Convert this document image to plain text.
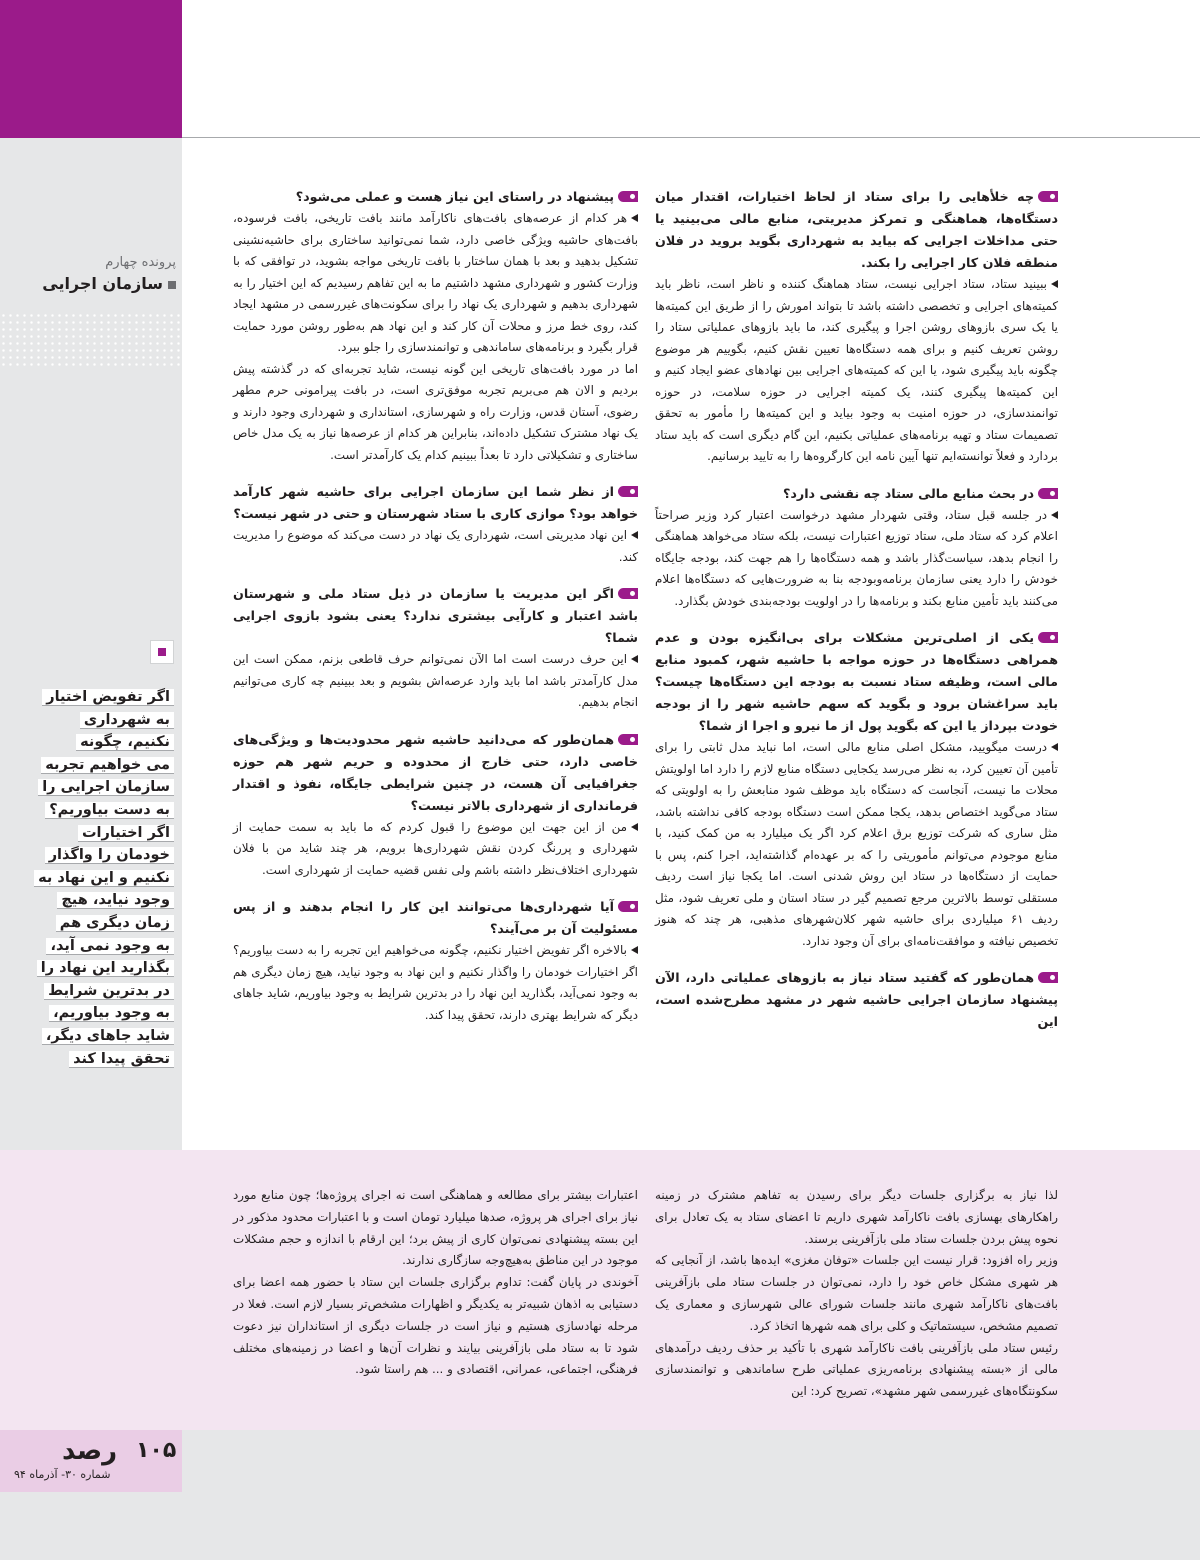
پرونده چهارم
سازمان اجرایی
اگر تفویض اختیار
به شهرداری
نکنیم، چگونه
می خواهیم تجربه
سازمان اجرایی را
به دست بیاوریم؟
اگر اختیارات
خودمان را واگذار
نکنیم و این نهاد به
وجود نیاید، هیچ
زمان دیگری هم
به وجود نمی آید،
بگذارید این نهاد را
در بدترین شرایط
به وجود بیاوریم،
شاید جاهای دیگر،
تحقق پیدا کند

چه خلأهایی را برای ستاد از لحاظ اختیارات، اقتدار میان دستگاه‌ها، هماهنگی و تمرکز مدیریتی، منابع مالی می‌بینید یا حتی مداخلات اجرایی که بیاید به شهرداری بگوید بروید در فلان منطقه فلان کار اجرایی را بکند.

ببینید ستاد، ستاد اجرایی نیست، ستاد هماهنگ کننده و ناظر است، ناظر باید کمیته‌های اجرایی و تخصصی داشته باشد تا بتواند امورش را از طریق این کمیته‌ها یا یک سری بازوهای روشن اجرا و پیگیری کند، ما باید بازوهای عملیاتی ستاد را روشن تعریف کنیم و برای همه دستگاه‌ها تعیین نقش کنیم، بگوییم هر موضوع چگونه باید پیگیری شود، یا این که کمیته‌های اجرایی بین نهادهای عضو ایجاد کنیم و این کمیته‌ها پیگیری کنند، یک کمیته اجرایی در حوزه سلامت، در حوزه توانمندسازی، در حوزه امنیت به وجود بیاید و این کمیته‌ها را مأمور به تحقق تصمیمات ستاد و تهیه برنامه‌های عملیاتی بکنیم، این گام دیگری است که باید ستاد بردارد و فعلاً توانسته‌ایم تنها آیین نامه این کارگروه‌ها را به تایید برسانیم.

در بحث منابع مالی ستاد چه نقشی دارد؟

در جلسه قبل ستاد، وقتی شهردار مشهد درخواست اعتبار کرد وزیر صراحتاً اعلام کرد که ستاد ملی، ستاد توزیع اعتبارات نیست، بلکه ستاد می‌خواهد هماهنگی را انجام بدهد، سیاست‌گذار باشد و همه دستگاه‌ها را هم جهت کند، بودجه جایگاه خودش را دارد یعنی سازمان برنامه‌وبودجه بنا به ضرورت‌هایی که دستگاه‌ها اعلام می‌کنند باید تأمین منابع بکند و برنامه‌ها را در اولویت بودجه‌بندی خودش بگذارد.

یکی از اصلی‌ترین مشکلات برای بی‌انگیزه بودن و عدم همراهی دستگاه‌ها در حوزه مواجه با حاشیه شهر، کمبود منابع مالی است، وظیفه ستاد نسبت به بودجه این دستگاه‌ها چیست؟ باید سراغشان برود و بگوید که سهم حاشیه شهر را از بودجه خودت بپرداز یا این که بگوید پول از ما نیرو و اجرا از شما؟

درست میگویید، مشکل اصلی منابع مالی است، اما نباید مدل ثابتی را برای تأمین آن تعیین کرد، به نظر می‌رسد یکجایی دستگاه منابع لازم را دارد اما اولویتش محلات ما نیست، آنجاست که دستگاه باید موظف شود منابعش را به اولویتی که ستاد می‌گوید اختصاص بدهد، یکجا ممکن است دستگاه بودجه کافی نداشته باشد، مثل ساری که شرکت توزیع برق اعلام کرد اگر یک میلیارد به من کمک کنید، با منابع موجودم می‌توانم مأموریتی را که بر عهده‌ام گذاشته‌اید، اجرا کنم، پس با حمایت از دستگاه‌ها در ستاد این روش شدنی است. اما یکجا نیاز است ردیف مستقلی توسط بالاترین مرجع تصمیم گیر در ستاد استان و ملی تعریف شود، مثل ردیف ۶۱ میلیاردی برای حاشیه شهر کلان‌شهرهای مذهبی، هر چند که هنوز تخصیص نیافته و موافقت‌نامه‌ای برای آن وجود ندارد.

همان‌طور که گفتید ستاد نیاز به بازوهای عملیاتی دارد، الآن پیشنهاد سازمان اجرایی حاشیه شهر در مشهد مطرح‌شده است، این

پیشنهاد در راستای این نیاز هست و عملی می‌شود؟

هر کدام از عرصه‌های بافت‌های ناکارآمد مانند بافت تاریخی، بافت فرسوده، بافت‌های حاشیه ویژگی خاصی دارد، شما نمی‌توانید ساختاری برای حاشیه‌نشینی تشکیل بدهید و بعد با همان ساختار با بافت تاریخی مواجه بشوید، در توافقی که با وزارت کشور و شهرداری مشهد داشتیم ما به این تفاهم رسیدیم که این اختیار را به شهرداری بدهیم و شهرداری یک نهاد را برای سکونت‌های غیررسمی در مشهد ایجاد کند، روی خط مرز و محلات آن کار کند و این نهاد هم به‌طور روشن مورد حمایت قرار بگیرد و برنامه‌های ساماندهی و توانمندسازی را جلو ببرد.

اما در مورد بافت‌های تاریخی این گونه نیست، شاید تجربه‌ای که در گذشته پیش بردیم و الان هم می‌بریم تجربه موفق‌تری است، در بافت پیرامونی حرم مطهر رضوی، آستان قدس، وزارت راه و شهرسازی، استانداری و شهرداری وجود دارند و یک نهاد مشترک تشکیل داده‌اند، بنابراین هر کدام از عرصه‌ها نیاز به یک مدل خاص ساختاری و تشکیلاتی دارد تا بعداً ببینیم کدام یک کارآمدتر است.

از نظر شما این سازمان اجرایی برای حاشیه شهر کارآمد خواهد بود؟ موازی کاری با ستاد شهرستان و حتی در شهر نیست؟

این نهاد مدیریتی است، شهرداری یک نهاد در دست می‌کند که موضوع را مدیریت کند.

اگر این مدیریت یا سازمان در ذیل ستاد ملی و شهرستان باشد اعتبار و کارآیی بیشتری ندارد؟ یعنی بشود بازوی اجرایی شما؟

این حرف درست است اما الآن نمی‌توانم حرف قاطعی بزنم، ممکن است این مدل کارآمدتر باشد اما باید وارد عرصه‌اش بشویم و بعد ببینیم چه کاری می‌توانیم انجام بدهیم.

همان‌طور که می‌دانید حاشیه شهر محدودیت‌ها و ویژگی‌های خاصی دارد، حتی خارج از محدوده و حریم شهر هم حوزه جغرافیایی آن هست، در چنین شرایطی جایگاه، نفوذ و اقتدار فرمانداری از شهرداری بالاتر نیست؟

من از این جهت این موضوع را قبول کردم که ما باید به سمت حمایت از شهرداری و پررنگ کردن نقش شهرداری‌ها برویم، هر چند شاید من با فلان شهرداری اختلاف‌نظر داشته باشم ولی نفس قضیه حمایت از شهرداری است.

آیا شهرداری‌ها می‌توانند این کار را انجام بدهند و از پس مسئولیت آن بر می‌آیند؟

بالاخره اگر تفویض اختیار نکنیم، چگونه می‌خواهیم این تجربه را به دست بیاوریم؟ اگر اختیارات خودمان را واگذار نکنیم و این نهاد به وجود نیاید، هیچ زمان دیگری هم به وجود نمی‌آید، بگذارید این نهاد را در بدترین شرایط به وجود بیاوریم، شاید جاهای دیگر که شرایط بهتری دارند، تحقق پیدا کند.

لذا نیاز به برگزاری جلسات دیگر برای رسیدن به تفاهم مشترک در زمینه راهکارهای بهسازی بافت ناکارآمد شهری داریم تا اعضای ستاد به یک تعادل برای نحوه پیش بردن جلسات ستاد ملی بازآفرینی برسند.

وزیر راه افزود: قرار نیست این جلسات «توفان مغزی» ایده‌ها باشد، از آنجایی که هر شهری مشکل خاص خود را دارد، نمی‌توان در جلسات ستاد ملی بازآفرینی بافت‌های ناکارآمد شهری مانند جلسات شورای عالی شهرسازی و معماری یک تصمیم مشخص، سیستماتیک و کلی برای همه شهرها اتخاذ کرد.

رئیس ستاد ملی بازآفرینی بافت ناکارآمد شهری با تأکید بر حذف ردیف درآمدهای مالی از «بسته پیشنهادی برنامه‌ریزی عملیاتی طرح ساماندهی و توانمندسازی سکونتگاه‌های غیررسمی شهر مشهد»، تصریح کرد: این

اعتبارات بیشتر برای مطالعه و هماهنگی است نه اجرای پروژه‌ها؛ چون منابع مورد نیاز برای اجرای هر پروژه، صدها میلیارد تومان است و با اعتبارات محدود مذکور در این بسته پیشنهادی نمی‌توان کاری از پیش برد؛ این ارقام با اندازه و حجم مشکلات موجود در این مناطق به‌هیچ‌وجه سازگاری ندارند.

آخوندی در پایان گفت: تداوم برگزاری جلسات این ستاد با حضور همه اعضا برای دستیابی به اذهان شبیه‌تر به یکدیگر و اظهارات مشخص‌تر بسیار لازم است. فعلا در مرحله نهادسازی هستیم و نیاز است در جلسات دیگری از استانداران نیز دعوت شود تا به ستاد ملی بازآفرینی بیایند و نظرات آن‌ها و اعضا در زمینه‌های مختلف فرهنگی، اجتماعی، عمرانی، اقتصادی و ... هم راستا شود.

۱۰۵
رصد
شماره ۳۰- آذرماه ۹۴
